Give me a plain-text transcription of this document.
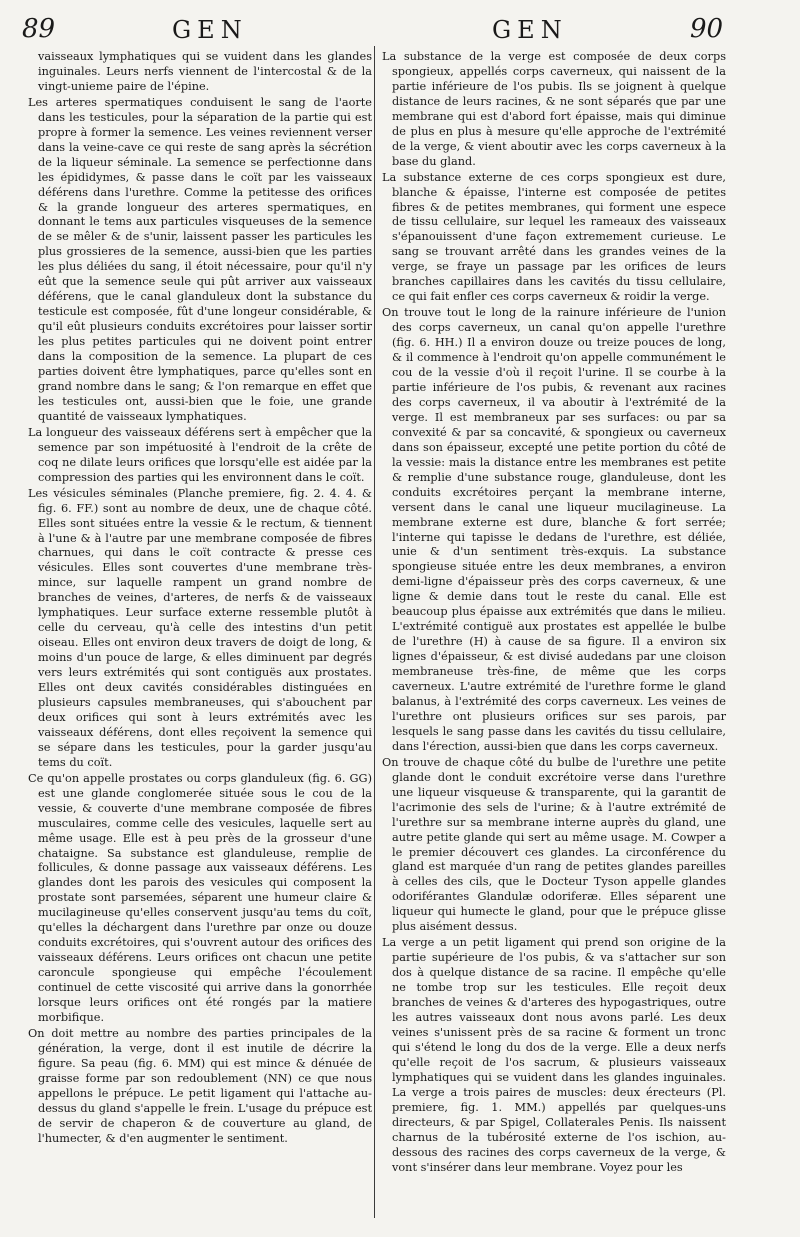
89	GEN	GEN	90

vaisseaux lymphatiques qui se vuident dans les glandes inguinales. Leurs nerfs viennent de l'intercostal & de la vingt-unieme paire de l'épine.

Les arteres spermatiques conduisent le sang de l'aorte dans les testicules, pour la séparation de la partie qui est propre à former la semence. Les veines reviennent verser dans la veine-cave ce qui reste de sang après la sécrétion de la liqueur séminale. La semence se perfectionne dans les épididymes, & passe dans le coït par les vaisseaux déférens dans l'urethre. Comme la petitesse des orifices & la grande longueur des arteres spermatiques, en donnant le tems aux particules visqueuses de la semence de se mêler & de s'unir, laissent passer les particules les plus grossieres de la semence, aussi-bien que les parties les plus déliées du sang, il étoit nécessaire, pour qu'il n'y eût que la semence seule qui pût arriver aux vaisseaux déférens, que le canal glanduleux dont la substance du testicule est composée, fût d'une longeur considérable, & qu'il eût plusieurs conduits excrétoires pour laisser sortir les plus petites particules qui ne doivent point entrer dans la composition de la semence. La plupart de ces parties doivent être lymphatiques, parce qu'elles sont en grand nombre dans le sang; & l'on remarque en effet que les testicules ont, aussi-bien que le foie, une grande quantité de vaisseaux lymphatiques.

La longueur des vaisseaux déférens sert à empêcher que la semence par son impétuosité à l'endroit de la crête de coq ne dilate leurs orifices que lorsqu'elle est aidée par la compression des parties qui les environnent dans le coït.

Les vésicules séminales (Planche premiere, fig. 2. 4. 4. & fig. 6. FF.) sont au nombre de deux, une de chaque côté. Elles sont situées entre la vessie & le rectum, & tiennent à l'une & à l'autre par une membrane composée de fibres charnues, qui dans le coït contracte & presse ces vésicules. Elles sont couvertes d'une membrane très-mince, sur laquelle rampent un grand nombre de branches de veines, d'arteres, de nerfs & de vaisseaux lymphatiques. Leur surface externe ressemble plutôt à celle du cerveau, qu'à celle des intestins d'un petit oiseau. Elles ont environ deux travers de doigt de long, & moins d'un pouce de large, & elles diminuent par degrés vers leurs extrémités qui sont contiguës aux prostates. Elles ont deux cavités considérables distinguées en plusieurs capsules membraneuses, qui s'abouchent par deux orifices qui sont à leurs extrémités avec les vaisseaux déférens, dont elles reçoivent la semence qui se sépare dans les testicules, pour la garder jusqu'au tems du coït.

Ce qu'on appelle prostates ou corps glanduleux (fig. 6. GG) est une glande conglomerée située sous le cou de la vessie, & couverte d'une membrane composée de fibres musculaires, comme celle des vesicules, laquelle sert au même usage. Elle est à peu près de la grosseur d'une chataigne. Sa substance est glanduleuse, remplie de follicules, & donne passage aux vaisseaux déférens. Les glandes dont les parois des vesicules qui composent la prostate sont parsemées, séparent une humeur claire & mucilagineuse qu'elles conservent jusqu'au tems du coït, qu'elles la déchargent dans l'urethre par onze ou douze conduits excrétoires, qui s'ouvrent autour des orifices des vaisseaux déférens. Leurs orifices ont chacun une petite caroncule spongieuse qui empêche l'écoulement continuel de cette viscosité qui arrive dans la gonorrhée lorsque leurs orifices ont été rongés par la matiere morbifique.

On doit mettre au nombre des parties principales de la génération, la verge, dont il est inutile de décrire la figure. Sa peau (fig. 6. MM) qui est mince & dénuée de graisse forme par son redoublement (NN) ce que nous appellons le prépuce. Le petit ligament qui l'attache au-dessus du gland s'appelle le frein. L'usage du prépuce est de servir de chaperon & de couverture au gland, de l'humecter, & d'en augmenter le sentiment.

La substance de la verge est composée de deux corps spongieux, appellés corps caverneux, qui naissent de la partie inférieure de l'os pubis. Ils se joignent à quelque distance de leurs racines, & ne sont séparés que par une membrane qui est d'abord fort épaisse, mais qui diminue de plus en plus à mesure qu'elle approche de l'extrémité de la verge, & vient aboutir avec les corps caverneux à la base du gland.

La substance externe de ces corps spongieux est dure, blanche & épaisse, l'interne est composée de petites fibres & de petites membranes, qui forment une espece de tissu cellulaire, sur lequel les rameaux des vaisseaux s'épanouissent d'une façon extremement curieuse. Le sang se trouvant arrêté dans les grandes veines de la verge, se fraye un passage par les orifices de leurs branches capillaires dans les cavités du tissu cellulaire, ce qui fait enfler ces corps caverneux & roidir la verge.

On trouve tout le long de la rainure inférieure de l'union des corps caverneux, un canal qu'on appelle l'urethre (fig. 6. HH.) Il a environ douze ou treize pouces de long, & il commence à l'endroit qu'on appelle communément le cou de la vessie d'où il reçoit l'urine. Il se courbe à la partie inférieure de l'os pubis, & revenant aux racines des corps caverneux, il va aboutir à l'extrémité de la verge. Il est membraneux par ses surfaces: ou par sa convexité & par sa concavité, & spongieux ou caverneux dans son épaisseur, excepté une petite portion du côté de la vessie: mais la distance entre les membranes est petite & remplie d'une substance rouge, glanduleuse, dont les conduits excrétoires perçant la membrane interne, versent dans le canal une liqueur mucilagineuse. La membrane externe est dure, blanche & fort serrée; l'interne qui tapisse le dedans de l'urethre, est déliée, unie & d'un sentiment très-exquis. La substance spongieuse située entre les deux membranes, a environ demi-ligne d'épaisseur près des corps caverneux, & une ligne & demie dans tout le reste du canal. Elle est beaucoup plus épaisse aux extrémités que dans le milieu. L'extrémité contiguë aux prostates est appellée le bulbe de l'urethre (H) à cause de sa figure. Il a environ six lignes d'épaisseur, & est divisé audedans par une cloison membraneuse très-fine, de même que les corps caverneux. L'autre extrémité de l'urethre forme le gland balanus, à l'extrémité des corps caverneux. Les veines de l'urethre ont plusieurs orifices sur ses parois, par lesquels le sang passe dans les cavités du tissu cellulaire, dans l'érection, aussi-bien que dans les corps caverneux.

On trouve de chaque côté du bulbe de l'urethre une petite glande dont le conduit excrétoire verse dans l'urethre une liqueur visqueuse & transparente, qui la garantit de l'acrimonie des sels de l'urine; & à l'autre extrémité de l'urethre sur sa membrane interne auprès du gland, une autre petite glande qui sert au même usage. M. Cowper a le premier découvert ces glandes. La circonférence du gland est marquée d'un rang de petites glandes pareilles à celles des cils, que le Docteur Tyson appelle glandes odoriférantes Glandulæ odoriferæ. Elles séparent une liqueur qui humecte le gland, pour que le prépuce glisse plus aisément dessus.

La verge a un petit ligament qui prend son origine de la partie supérieure de l'os pubis, & va s'attacher sur son dos à quelque distance de sa racine. Il empêche qu'elle ne tombe trop sur les testicules. Elle reçoit deux branches de veines & d'arteres des hypogastriques, outre les autres vaisseaux dont nous avons parlé. Les deux veines s'unissent près de sa racine & forment un tronc qui s'étend le long du dos de la verge. Elle a deux nerfs qu'elle reçoit de l'os sacrum, & plusieurs vaisseaux lymphatiques qui se vuident dans les glandes inguinales. La verge a trois paires de muscles: deux érecteurs (Pl. premiere, fig. 1. MM.) appellés par quelques-uns directeurs, & par Spigel, Collaterales Penis. Ils naissent charnus de la tubérosité externe de l'os ischion, au-dessous des racines des corps caverneux de la verge, & vont s'insérer dans leur membrane. Voyez pour les
